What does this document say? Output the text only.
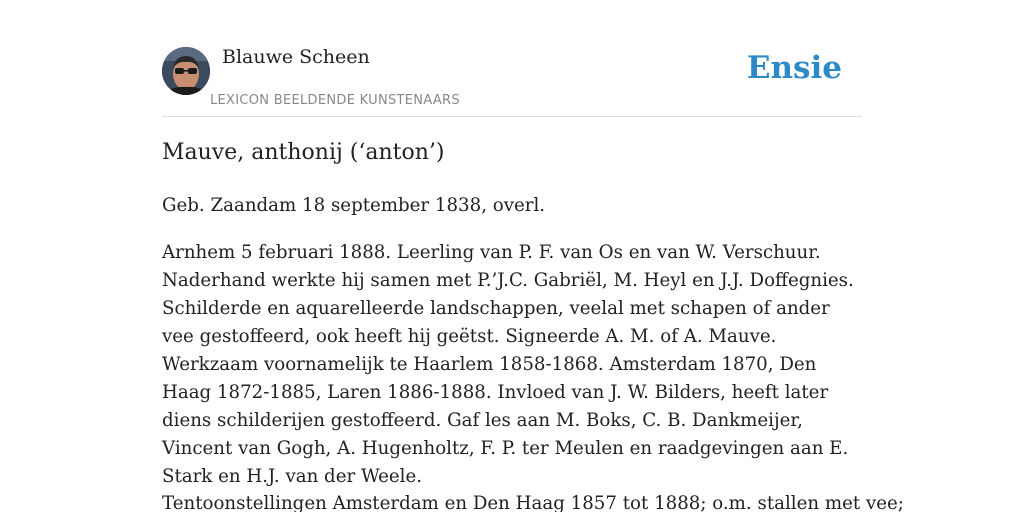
Blauwe Scheen
LEXICON BEELDENDE KUNSTENAARS
Ensie
Mauve, anthonij (‘anton’)

Geb. Zaandam 18 september 1838, overl.

Arnhem 5 februari 1888. Leerling van P. F. van Os en van W. Verschuur. Naderhand werkte hij samen met P.’J.C. Gabriël, M. Heyl en J.J. Doffegnies. Schilderde en aquarelleerde landschappen, veelal met schapen of ander vee gestoffeerd, ook heeft hij geëtst. Signeerde A. M. of A. Mauve. Werkzaam voornamelijk te Haarlem 1858-1868. Amsterdam 1870, Den Haag 1872-1885, Laren 1886-1888. Invloed van J. W. Bilders, heeft later diens schilderijen gestoffeerd. Gaf les aan M. Boks, C. B. Dankmeijer, Vincent van Gogh, A. Hugenholtz, F. P. ter Meulen en raadgevingen aan E. Stark en H.J. van der Weele.

Tentoonstellingen Amsterdam en Den Haag 1857 tot 1888; o.m. stallen met vee;
